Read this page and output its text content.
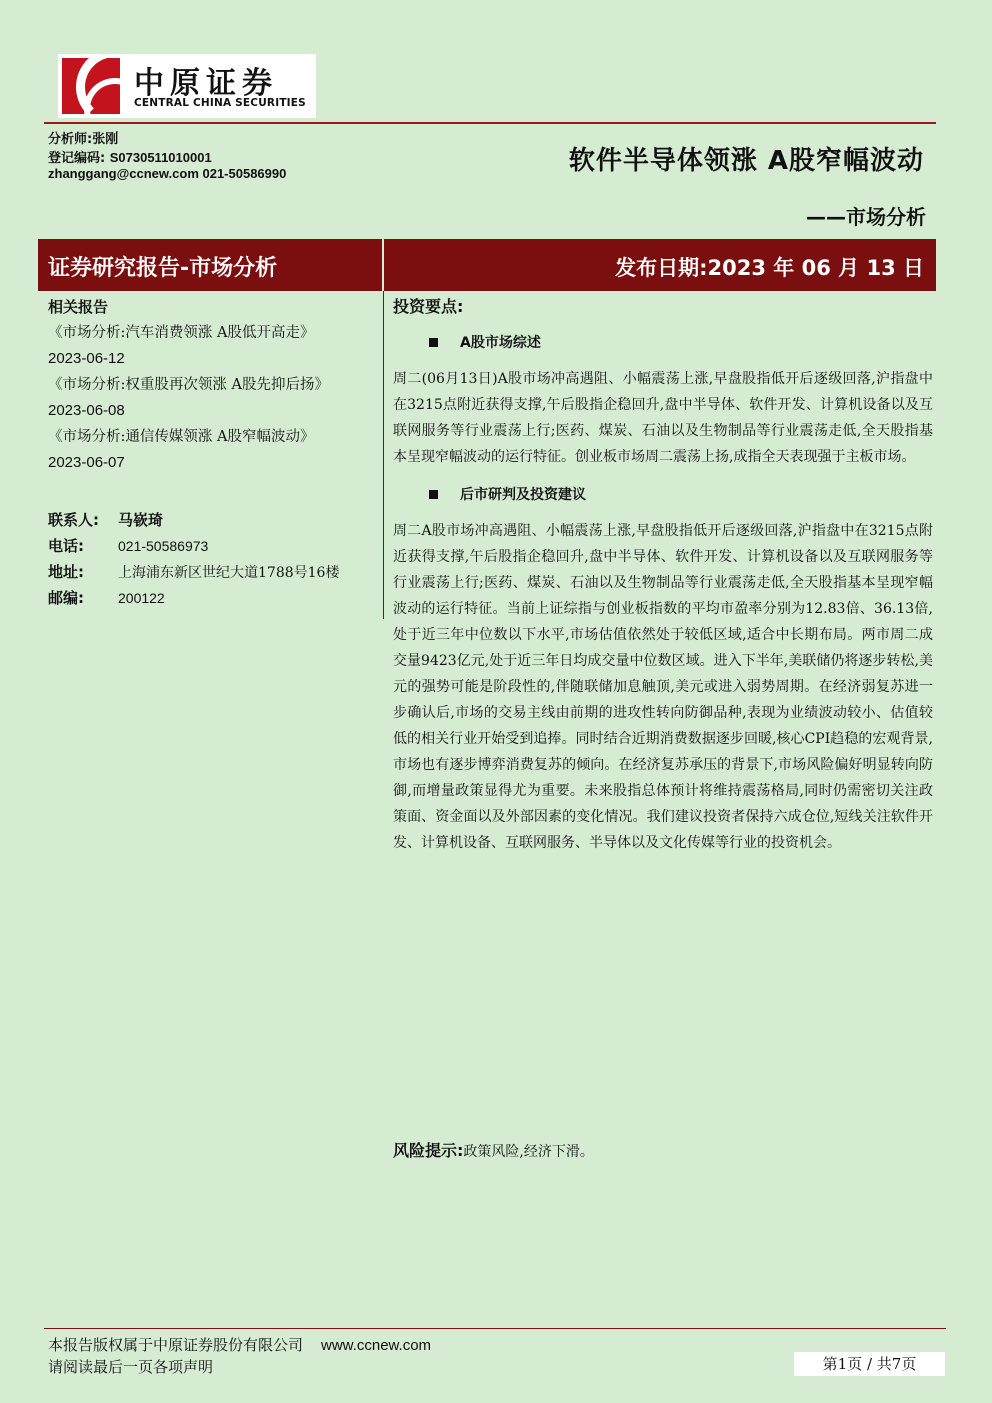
中原证券
CENTRAL CHINA SECURITIES
分析师:张刚
登记编码: S0730511010001
zhanggang@ccnew.com 021-50586990	软件半导体领涨 A股窄幅波动
——市场分析
证券研究报告-市场分析	发布日期:2023 年 06 月 13 日
相关报告
《市场分析:汽车消费领涨 A股低开高走》
2023-06-12
《市场分析:权重股再次领涨 A股先抑后扬》
2023-06-08
《市场分析:通信传媒领涨 A股窄幅波动》
2023-06-07
联系人: 马嵚琦
电话: 021-50586973
地址: 上海浦东新区世纪大道1788号16楼
邮编: 200122
投资要点:
A股市场综述
周二(06月13日)A股市场冲高遇阻、小幅震荡上涨,早盘股指低开后逐级回落,沪指盘中在3215点附近获得支撑,午后股指企稳回升,盘中半导体、软件开发、计算机设备以及互联网服务等行业震荡上行;医药、煤炭、石油以及生物制品等行业震荡走低,全天股指基本呈现窄幅波动的运行特征。创业板市场周二震荡上扬,成指全天表现强于主板市场。
后市研判及投资建议
周二A股市场冲高遇阻、小幅震荡上涨,早盘股指低开后逐级回落,沪指盘中在3215点附近获得支撑,午后股指企稳回升,盘中半导体、软件开发、计算机设备以及互联网服务等行业震荡上行;医药、煤炭、石油以及生物制品等行业震荡走低,全天股指基本呈现窄幅波动的运行特征。当前上证综指与创业板指数的平均市盈率分别为12.83倍、36.13倍,处于近三年中位数以下水平,市场估值依然处于较低区域,适合中长期布局。两市周二成交量9423亿元,处于近三年日均成交量中位数区域。进入下半年,美联储仍将逐步转松,美元的强势可能是阶段性的,伴随联储加息触顶,美元或进入弱势周期。在经济弱复苏进一步确认后,市场的交易主线由前期的进攻性转向防御品种,表现为业绩波动较小、估值较低的相关行业开始受到追捧。同时结合近期消费数据逐步回暖,核心CPI趋稳的宏观背景,市场也有逐步博弈消费复苏的倾向。在经济复苏承压的背景下,市场风险偏好明显转向防御,而增量政策显得尤为重要。未来股指总体预计将维持震荡格局,同时仍需密切关注政策面、资金面以及外部因素的变化情况。我们建议投资者保持六成仓位,短线关注软件开发、计算机设备、互联网服务、半导体以及文化传媒等行业的投资机会。
风险提示:政策风险,经济下滑。
本报告版权属于中原证券股份有限公司 www.ccnew.com
请阅读最后一页各项声明	第1页 / 共7页
